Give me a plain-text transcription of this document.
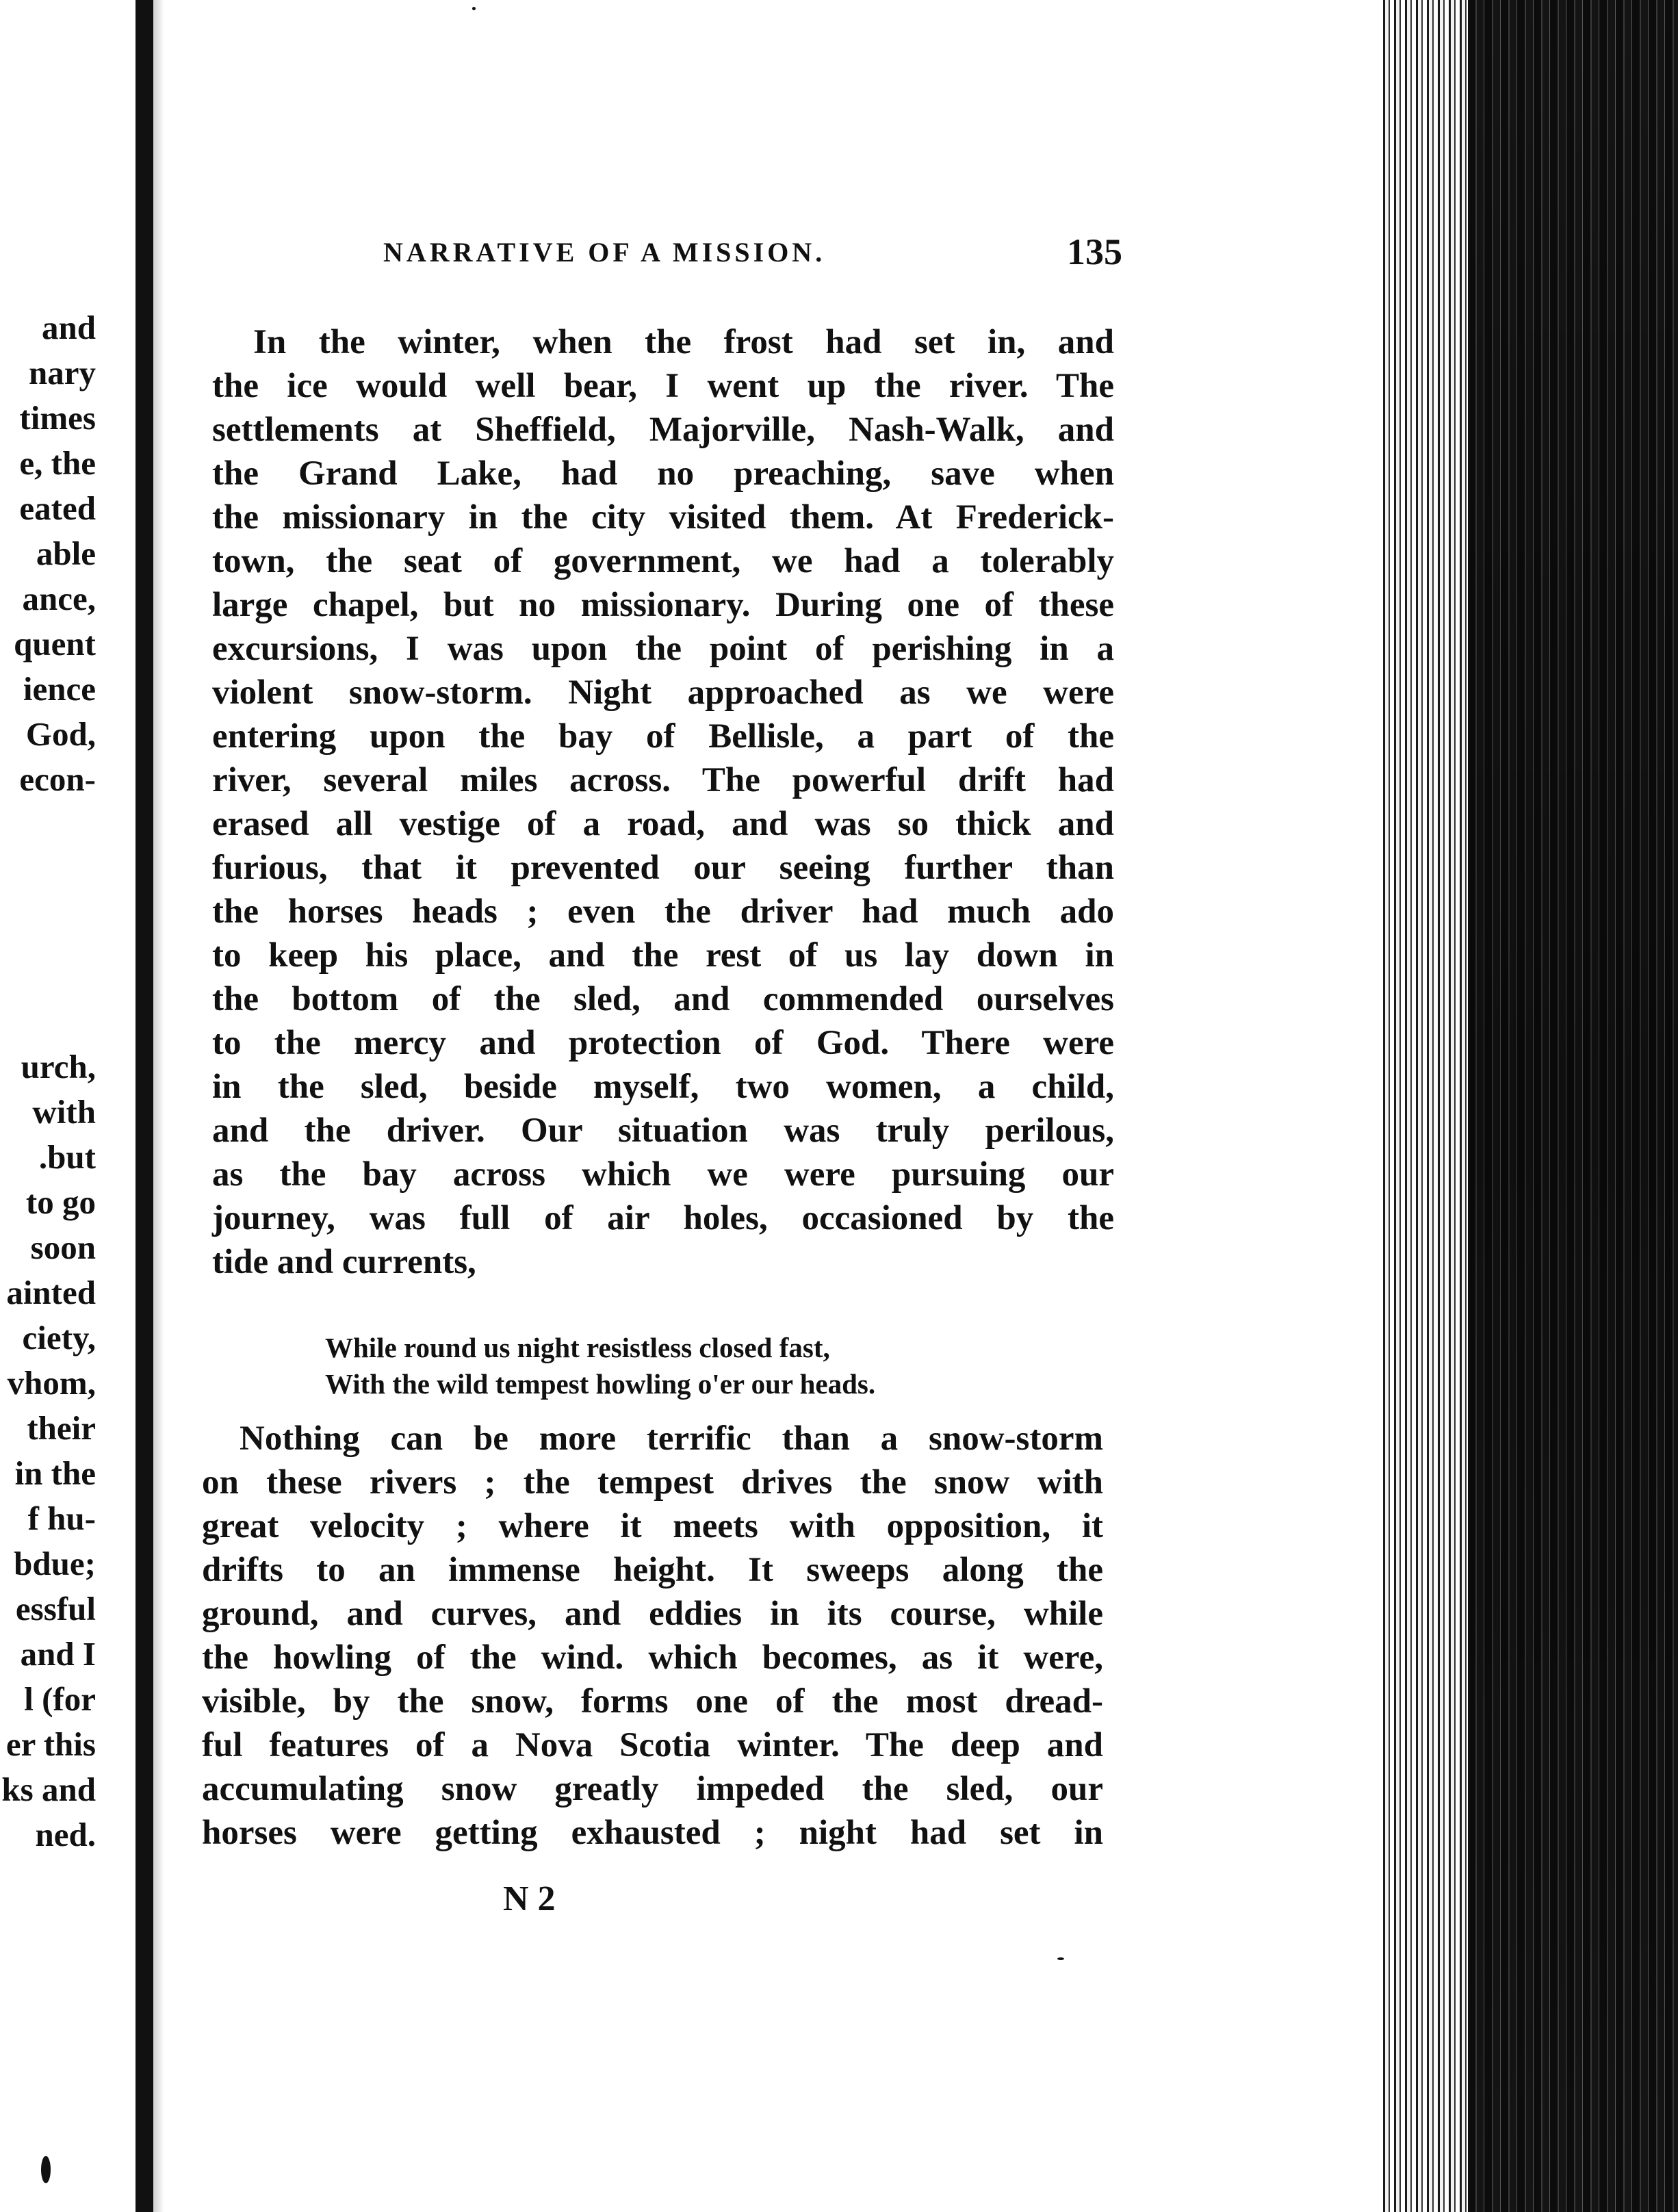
and
nary
times
e, the
eated
able
ance,
quent
ience
God,
econ-
urch,
with
.but
to go
soon
ainted
ciety,
vhom,
their
in the
f hu-
bdue;
essful
and I
l (for
er this
ks and
ned.
NARRATIVE OF A MISSION.	135
In the winter, when the frost had set in, and
the ice would well bear, I went up the river. The
settlements at Sheffield, Majorville, Nash-Walk, and
the Grand Lake, had no preaching, save when
the missionary in the city visited them. At Frederick-
town, the seat of government, we had a tolerably
large chapel, but no missionary. During one of these
excursions, I was upon the point of perishing in a
violent snow-storm. Night approached as we were
entering upon the bay of Bellisle, a part of the
river, several miles across. The powerful drift had
erased all vestige of a road, and was so thick and
furious, that it prevented our seeing further than
the horses heads ; even the driver had much ado
to keep his place, and the rest of us lay down in
the bottom of the sled, and commended ourselves
to the mercy and protection of God. There were
in the sled, beside myself, two women, a child,
and the driver. Our situation was truly perilous,
as the bay across which we were pursuing our
journey, was full of air holes, occasioned by the
tide and currents,
While round us night resistless closed fast,
With the wild tempest howling o'er our heads.
Nothing can be more terrific than a snow-storm
on these rivers ; the tempest drives the snow with
great velocity ; where it meets with opposition, it
drifts to an immense height. It sweeps along the
ground, and curves, and eddies in its course, while
the howling of the wind. which becomes, as it were,
visible, by the snow, forms one of the most dread-
ful features of a Nova Scotia winter. The deep and
accumulating snow greatly impeded the sled, our
horses were getting exhausted ; night had set in
N 2
